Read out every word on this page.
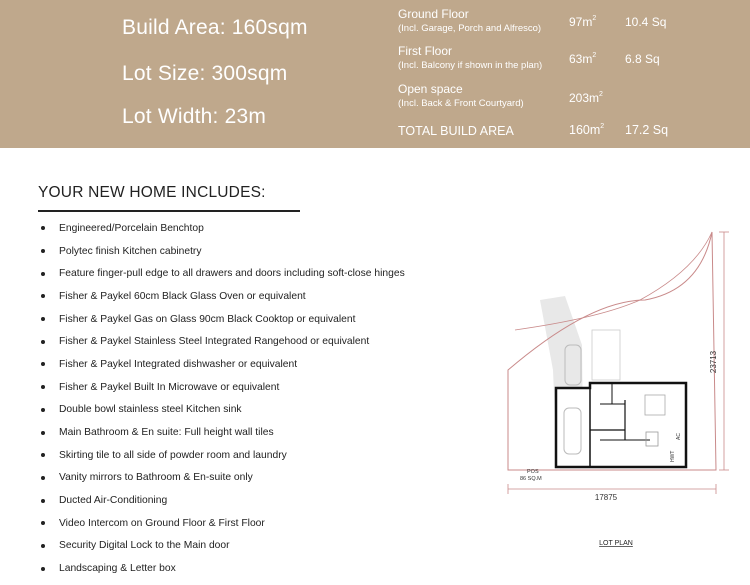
Build Area: 160sqm
Lot Size: 300sqm
Lot Width: 23m
Ground Floor
(Incl. Garage, Porch and Alfresco) $97m^2$ 10.4 Sq
First Floor
(Incl. Balcony if shown in the plan) $63m^2$ 6.8 Sq
Open space
(Incl. Back & Front Courtyard)	$203m^2$
TOTAL BUILD AREA	$160m^2$ 17.2 Sq
YOUR NEW HOME INCLUDES:
Engineered/Porcelain Benchtop
Polytec finish Kitchen cabinetry
Feature finger-pull edge to all drawers and doors including soft-close hinges
Fisher & Paykel 60cm Black Glass Oven or equivalent
Fisher & Paykel Gas on Glass 90cm Black Cooktop or equivalent
Fisher & Paykel Stainless Steel Integrated Rangehood or equivalent
Fisher & Paykel Integrated dishwasher or equivalent
Fisher & Paykel Built In Microwave or equivalent
Double bowl stainless steel Kitchen sink
Main Bathroom & En suite: Full height wall tiles
Skirting tile to all side of powder room and laundry
Vanity mirrors to Bathroom & En-suite only
Ducted Air-Conditioning
Video Intercom on Ground Floor & First Floor
Security Digital Lock to the Main door
Landscaping & Letter box
17875
23713
POS
86 SQ.M
HWT
AC
LOT PLAN
